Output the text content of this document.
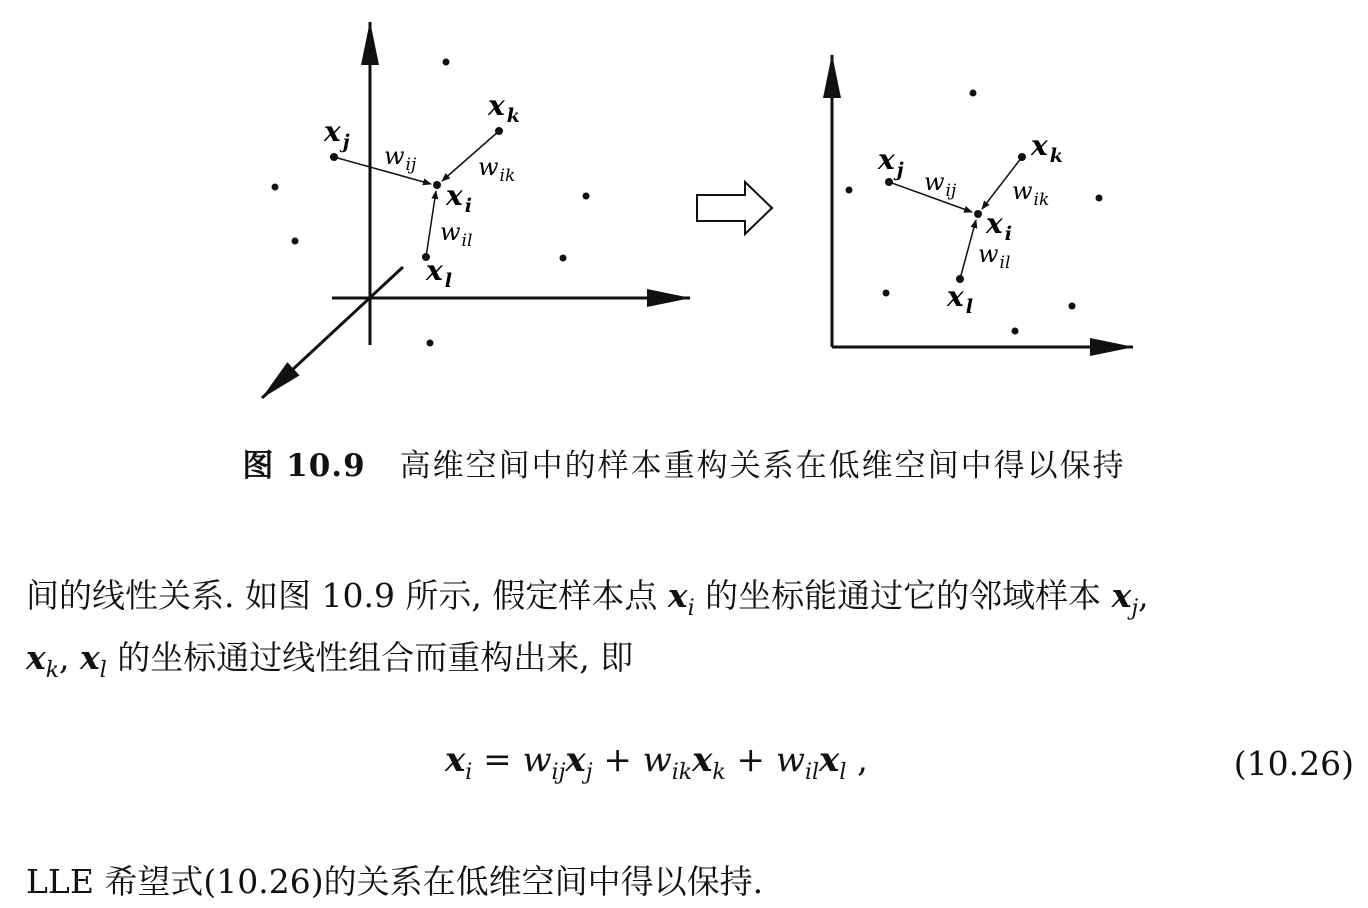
x $_j$
x $_k$
x $_i$
x $_l$
$w_{ij}$	$w_{ik}$
$w_{il}$
x $_j$
x $_k$
x $_i$
x $_l$
$w_{ij}$ $w_{ik}$
$w_{il}$
图 10.9 高维空间中的样本重构关系在低维空间中得以保持
间的线性关系. 如图 10.9 所示, 假定样本点 $x_i$ 的坐标能通过它的邻域样本 $x_j$,
$x_k$, $x_l$ 的坐标通过线性组合而重构出来, 即
$x_i = w_{ij}x_j + w_{ik}x_k + w_{il}x_l$ ,	(10.26)
LLE 希望式(10.26)的关系在低维空间中得以保持.
